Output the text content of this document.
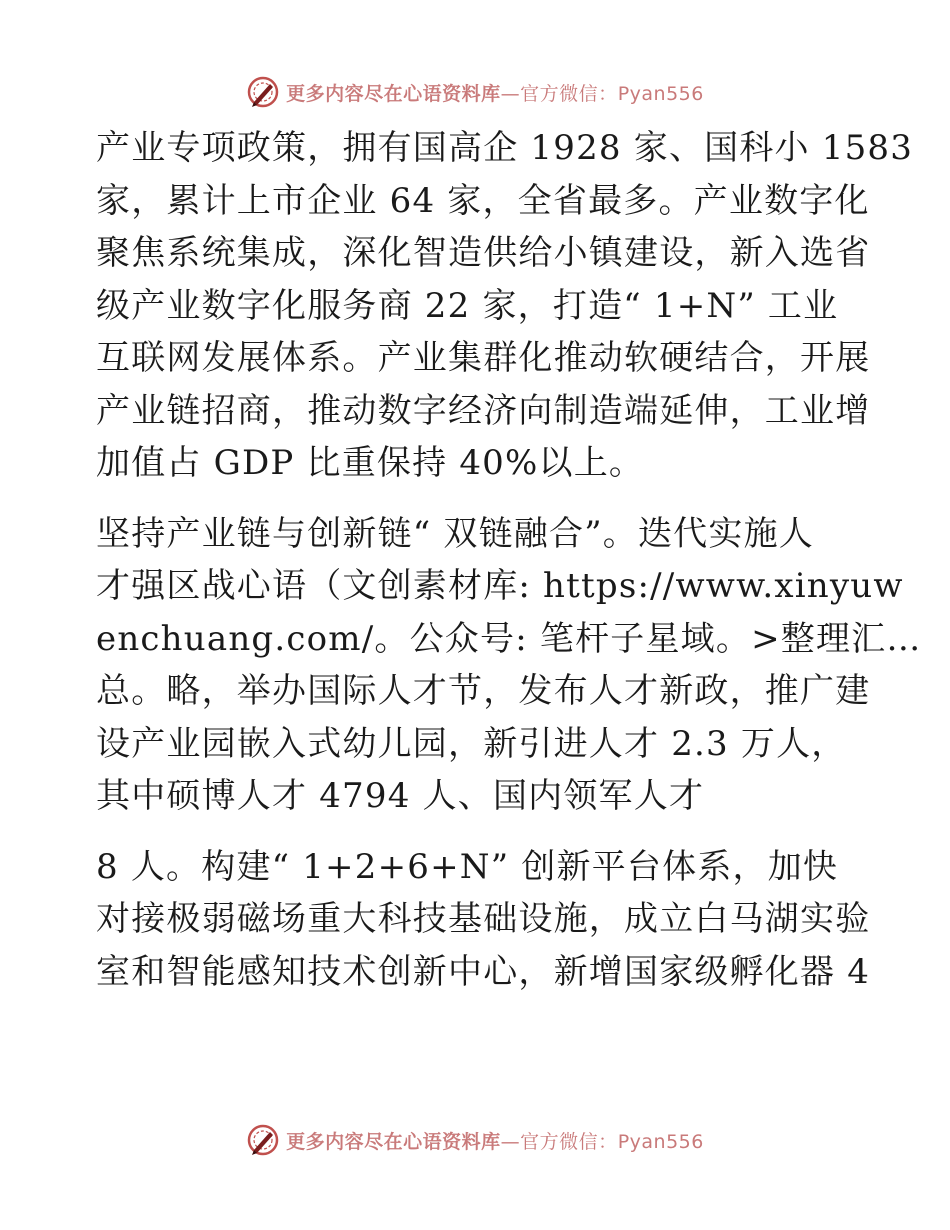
更多内容尽在心语资料库—官方微信：Pyan556
产业专项政策，拥有国高企 1928 家、国科小 1583
家，累计上市企业 64 家，全省最多。产业数字化
聚焦系统集成，深化智造供给小镇建设，新入选省
级产业数字化服务商 22 家，打造“ 1+N” 工业
互联网发展体系。产业集群化推动软硬结合，开展
产业链招商，推动数字经济向制造端延伸，工业增
加值占 GDP 比重保持 40%以上。
坚持产业链与创新链“ 双链融合”。迭代实施人
才强区战心语（文创素材库: https://www.xinyuw
enchuang.com/。公众号: 笔杆子星域。>整理汇…
总。略，举办国际人才节，发布人才新政，推广建
设产业园嵌入式幼儿园，新引进人才 2.3 万人，
其中硕博人才 4794 人、国内领军人才
8 人。构建“ 1+2+6+N” 创新平台体系，加快
对接极弱磁场重大科技基础设施，成立白马湖实验
室和智能感知技术创新中心，新增国家级孵化器 4
更多内容尽在心语资料库—官方微信：Pyan556
